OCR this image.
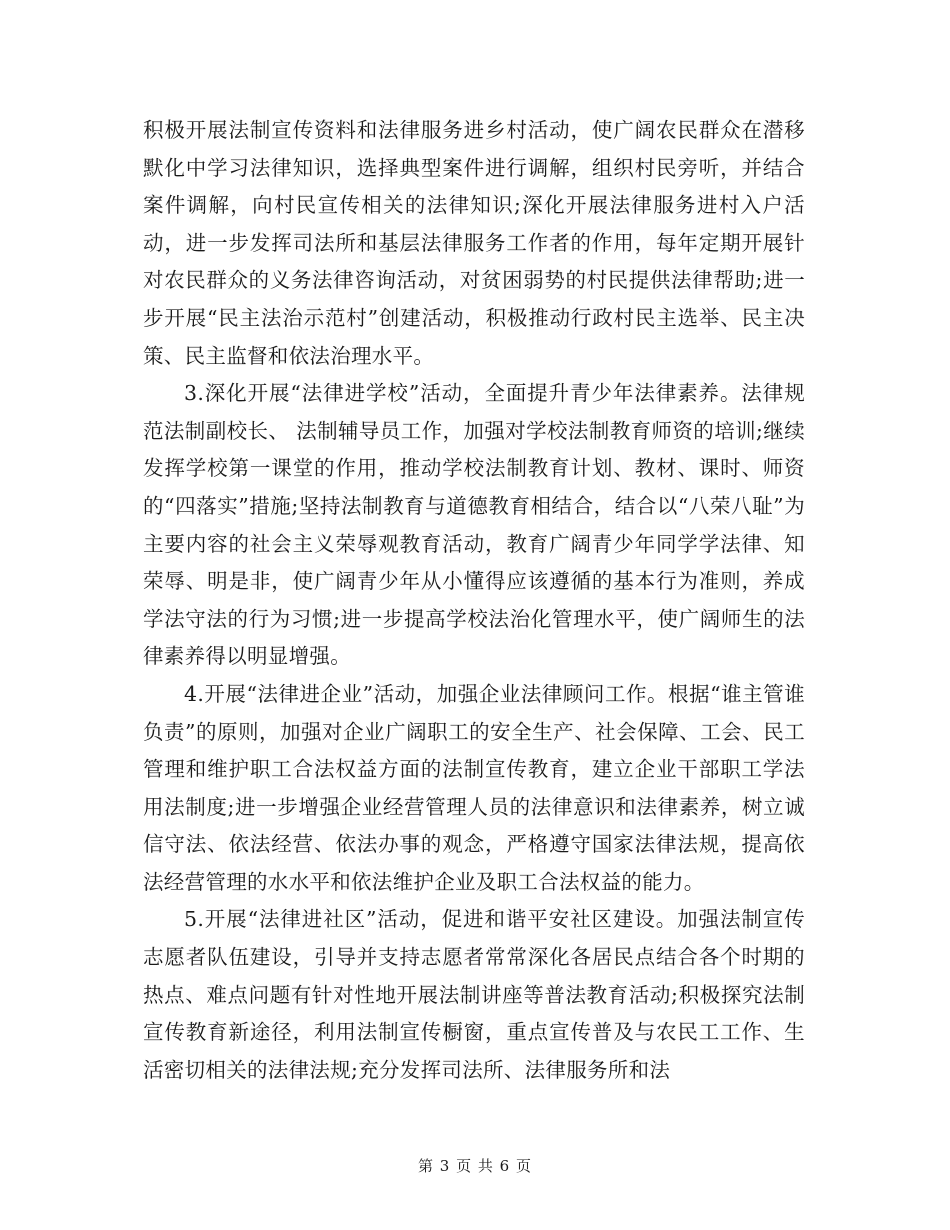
积极开展法制宣传资料和法律服务进乡村活动，使广阔农民群众在潜移默化中学习法律知识，选择典型案件进行调解，组织村民旁听，并结合案件调解，向村民宣传相关的法律知识;深化开展法律服务进村入户活动，进一步发挥司法所和基层法律服务工作者的作用，每年定期开展针对农民群众的义务法律咨询活动，对贫困弱势的村民提供法律帮助;进一步开展“民主法治示范村”创建活动，积极推动行政村民主选举、民主决策、民主监督和依法治理水平。

3.深化开展“法律进学校”活动，全面提升青少年法律素养。法律规范法制副校长、 法制辅导员工作，加强对学校法制教育师资的培训;继续发挥学校第一课堂的作用，推动学校法制教育计划、教材、课时、师资的“四落实”措施;坚持法制教育与道德教育相结合，结合以“八荣八耻”为主要内容的社会主义荣辱观教育活动，教育广阔青少年同学学法律、知荣辱、明是非，使广阔青少年从小懂得应该遵循的基本行为准则，养成学法守法的行为习惯;进一步提高学校法治化管理水平，使广阔师生的法律素养得以明显增强。

4.开展“法律进企业”活动，加强企业法律顾问工作。根据“谁主管谁负责”的原则，加强对企业广阔职工的安全生产、社会保障、工会、民工管理和维护职工合法权益方面的法制宣传教育，建立企业干部职工学法用法制度;进一步增强企业经营管理人员的法律意识和法律素养，树立诚信守法、依法经营、依法办事的观念，严格遵守国家法律法规，提高依法经营管理的水水平和依法维护企业及职工合法权益的能力。

5.开展“法律进社区”活动，促进和谐平安社区建设。加强法制宣传志愿者队伍建设，引导并支持志愿者常常深化各居民点结合各个时期的热点、难点问题有针对性地开展法制讲座等普法教育活动;积极探究法制宣传教育新途径，利用法制宣传橱窗，重点宣传普及与农民工工作、生活密切相关的法律法规;充分发挥司法所、法律服务所和法

第 3 页 共 6 页
